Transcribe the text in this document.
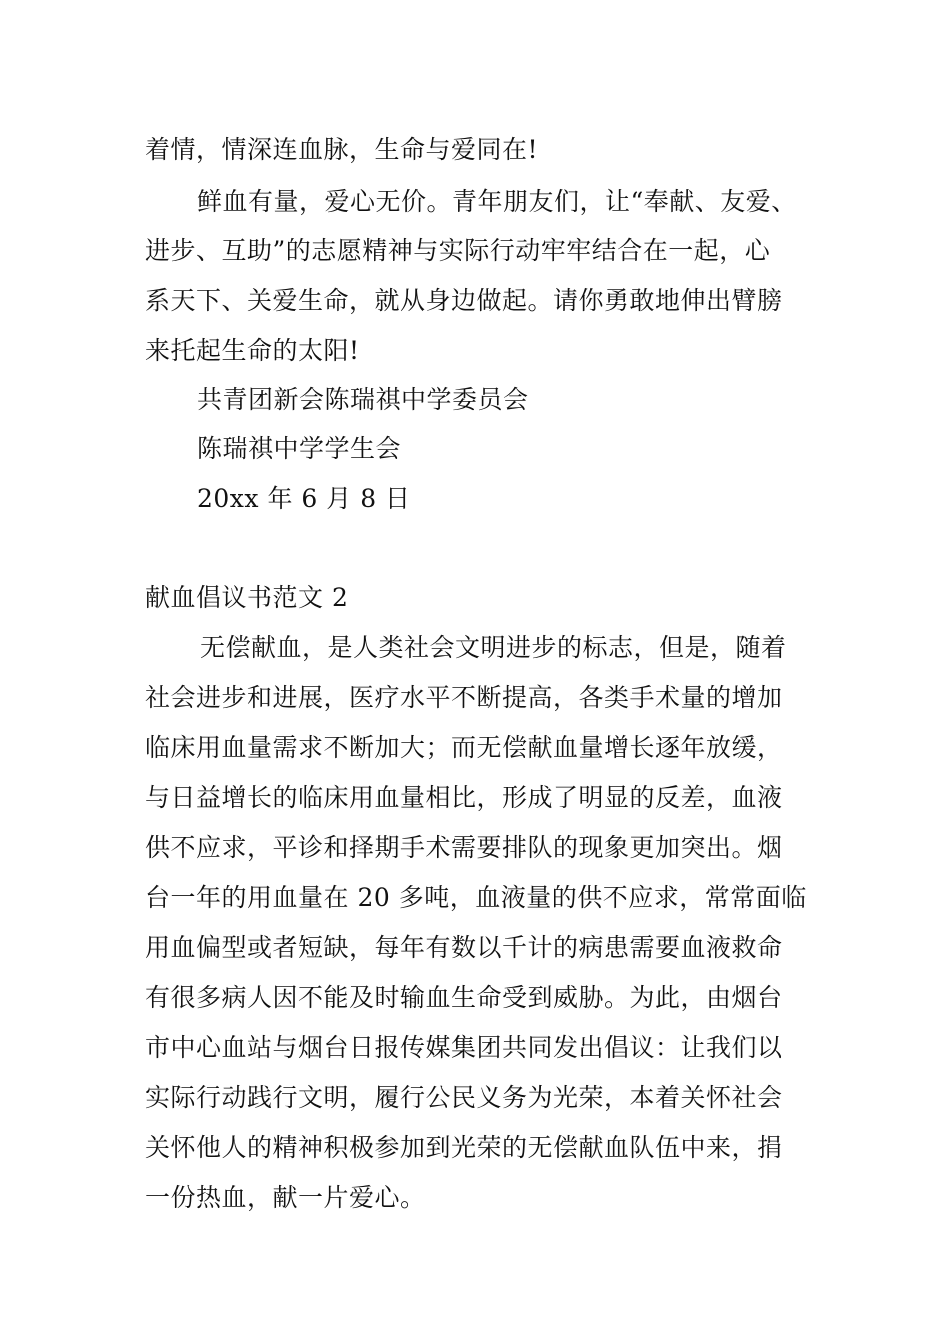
着情，情深连血脉，生命与爱同在!
鲜血有量，爱心无价。青年朋友们，让“奉献、友爱、
进步、互助”的志愿精神与实际行动牢牢结合在一起，心
系天下、关爱生命，就从身边做起。请你勇敢地伸出臂膀
来托起生命的太阳!
共青团新会陈瑞祺中学委员会
陈瑞祺中学学生会
20xx 年 6 月 8 日
献血倡议书范文 2
无偿献血，是人类社会文明进步的标志，但是，随着
社会进步和进展，医疗水平不断提高，各类手术量的增加
临床用血量需求不断加大；而无偿献血量增长逐年放缓，
与日益增长的临床用血量相比，形成了明显的反差，血液
供不应求，平诊和择期手术需要排队的现象更加突出。烟
台一年的用血量在 20 多吨，血液量的供不应求，常常面临
用血偏型或者短缺，每年有数以千计的病患需要血液救命
有很多病人因不能及时输血生命受到威胁。为此，由烟台
市中心血站与烟台日报传媒集团共同发出倡议：让我们以
实际行动践行文明，履行公民义务为光荣，本着关怀社会
关怀他人的精神积极参加到光荣的无偿献血队伍中来，捐
一份热血，献一片爱心。
